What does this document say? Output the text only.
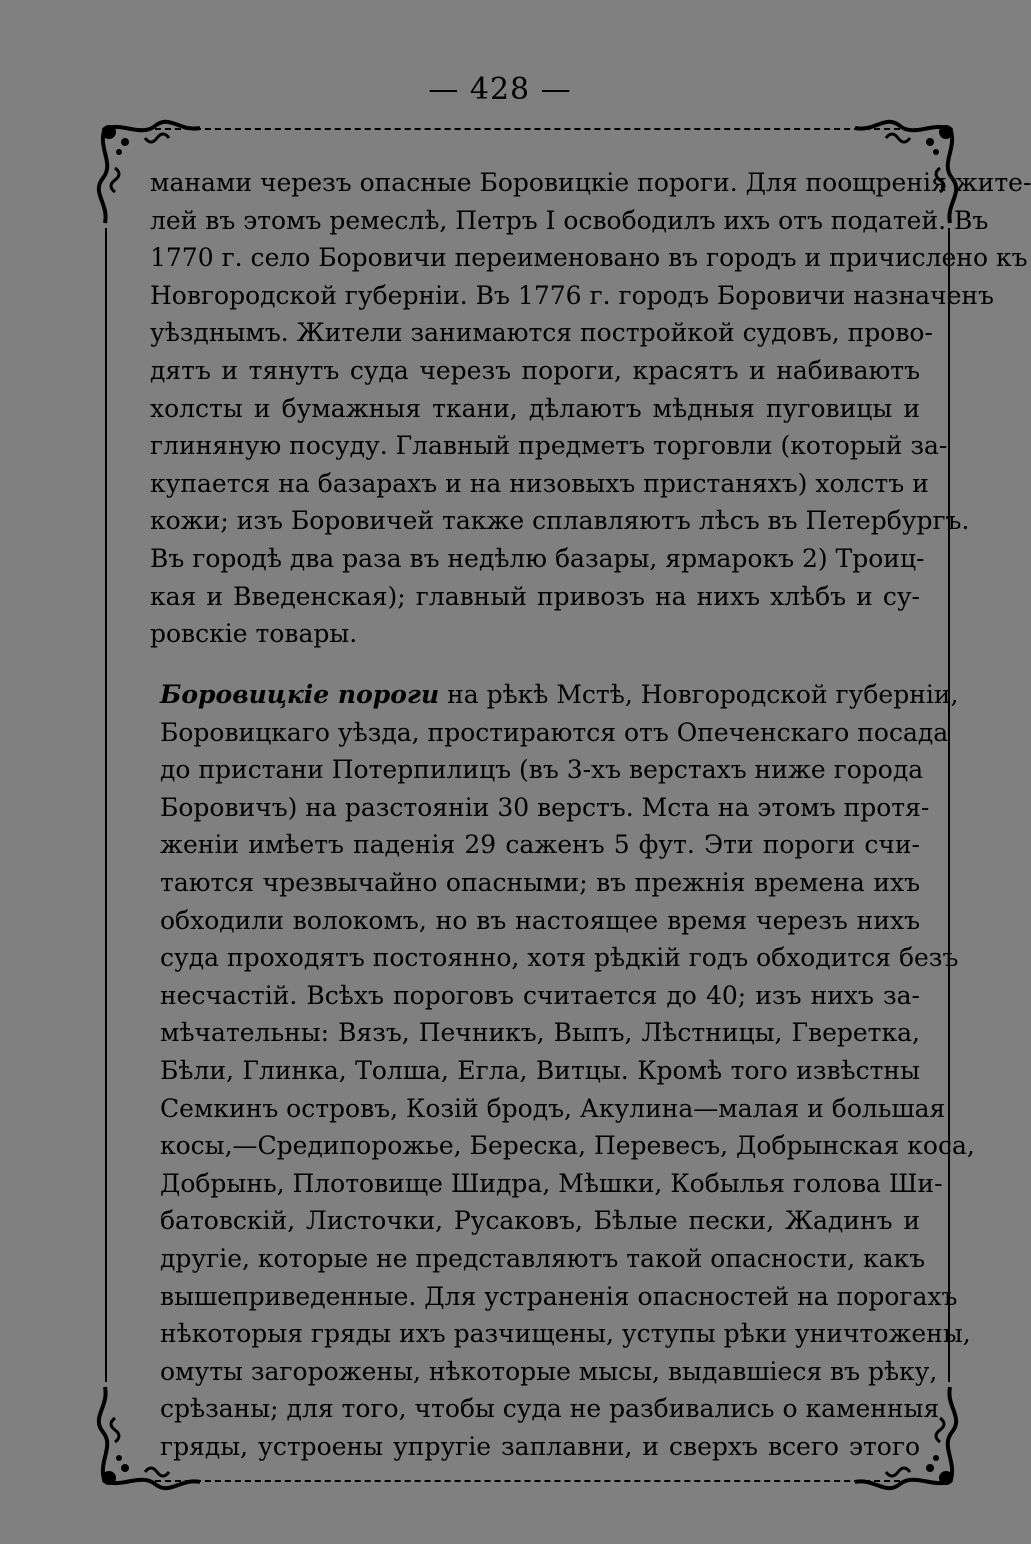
— 428 —
манами черезъ опасные Боровицкіе пороги. Для поощренія жите-
лей въ этомъ ремеслѣ, Петръ I освободилъ ихъ отъ податей. Въ
1770 г. село Боровичи переименовано въ городъ и причислено къ
Новгородской губерніи. Въ 1776 г. городъ Боровичи назначенъ
уѣзднымъ. Жители занимаются постройкой судовъ, прово-
дятъ и тянутъ суда черезъ пороги, красятъ и набиваютъ
холсты и бумажныя ткани, дѣлаютъ мѣдныя пуговицы и
глиняную посуду. Главный предметъ торговли (который за-
купается на базарахъ и на низовыхъ пристаняхъ) холстъ и
кожи; изъ Боровичей также сплавляютъ лѣсъ въ Петербургъ.
Въ городѣ два раза въ недѣлю базары, ярмарокъ 2) Троиц-
кая и Введенская); главный привозъ на нихъ хлѣбъ и су-
ровскіе товары.
Боровицкіе пороги на рѣкѣ Мстѣ, Новгородской губерніи,
Боровицкаго уѣзда, простираются отъ Опеченскаго посада
до пристани Потерпилицъ (въ 3-хъ верстахъ ниже города
Боровичъ) на разстояніи 30 верстъ. Мста на этомъ протя-
женіи имѣетъ паденія 29 саженъ 5 фут. Эти пороги счи-
таются чрезвычайно опасными; въ прежнія времена ихъ
обходили волокомъ, но въ настоящее время черезъ нихъ
суда проходятъ постоянно, хотя рѣдкій годъ обходится безъ
несчастій. Всѣхъ пороговъ считается до 40; изъ нихъ за-
мѣчательны: Вязъ, Печникъ, Выпъ, Лѣстницы, Гверетка,
Бѣли, Глинка, Толша, Егла, Витцы. Кромѣ того извѣстны
Семкинъ островъ, Козій бродъ, Акулина—малая и большая
косы,—Средипорожье, Береска, Перевесъ, Добрынская коса,
Добрынь, Плотовище Шидра, Мѣшки, Кобылья голова Ши-
батовскій, Листочки, Русаковъ, Бѣлые пески, Жадинъ и
другіе, которые не представляютъ такой опасности, какъ
вышеприведенные. Для устраненія опасностей на порогахъ
нѣкоторыя гряды ихъ разчищены, уступы рѣки уничтожены,
омуты загорожены, нѣкоторые мысы, выдавшіеся въ рѣку,
срѣзаны; для того, чтобы суда не разбивались о каменныя
гряды, устроены упругіе заплавни, и сверхъ всего этого
